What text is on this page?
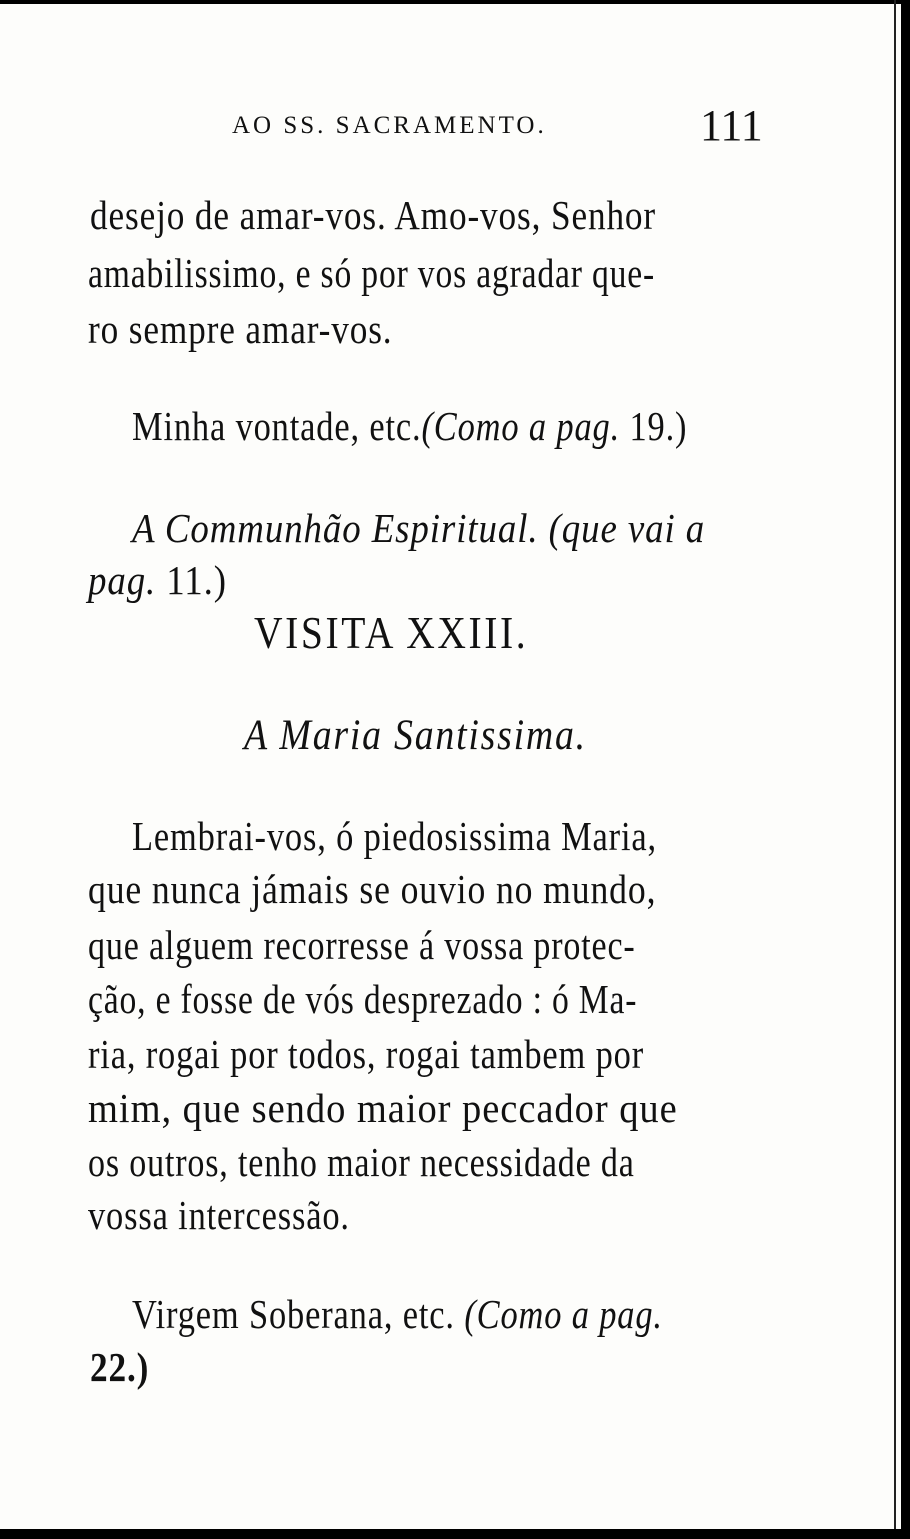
AO SS. SACRAMENTO.	111
desejo de amar-vos. Amo-vos, Senhor
amabilissimo, e só por vos agradar que-
ro sempre amar-vos.
Minha vontade, etc.(Como a pag. 19.)
A Communhão Espiritual. (que vai a
pag. 11.)
VISITA XXIII.
A Maria Santissima.
Lembrai-vos, ó piedosissima Maria,
que nunca jámais se ouvio no mundo,
que alguem recorresse á vossa protec-
ção, e fosse de vós desprezado : ó Ma-
ria, rogai por todos, rogai tambem por
mim, que sendo maior peccador que
os outros, tenho maior necessidade da
vossa intercessão.
Virgem Soberana, etc. (Como a pag.
22.)
